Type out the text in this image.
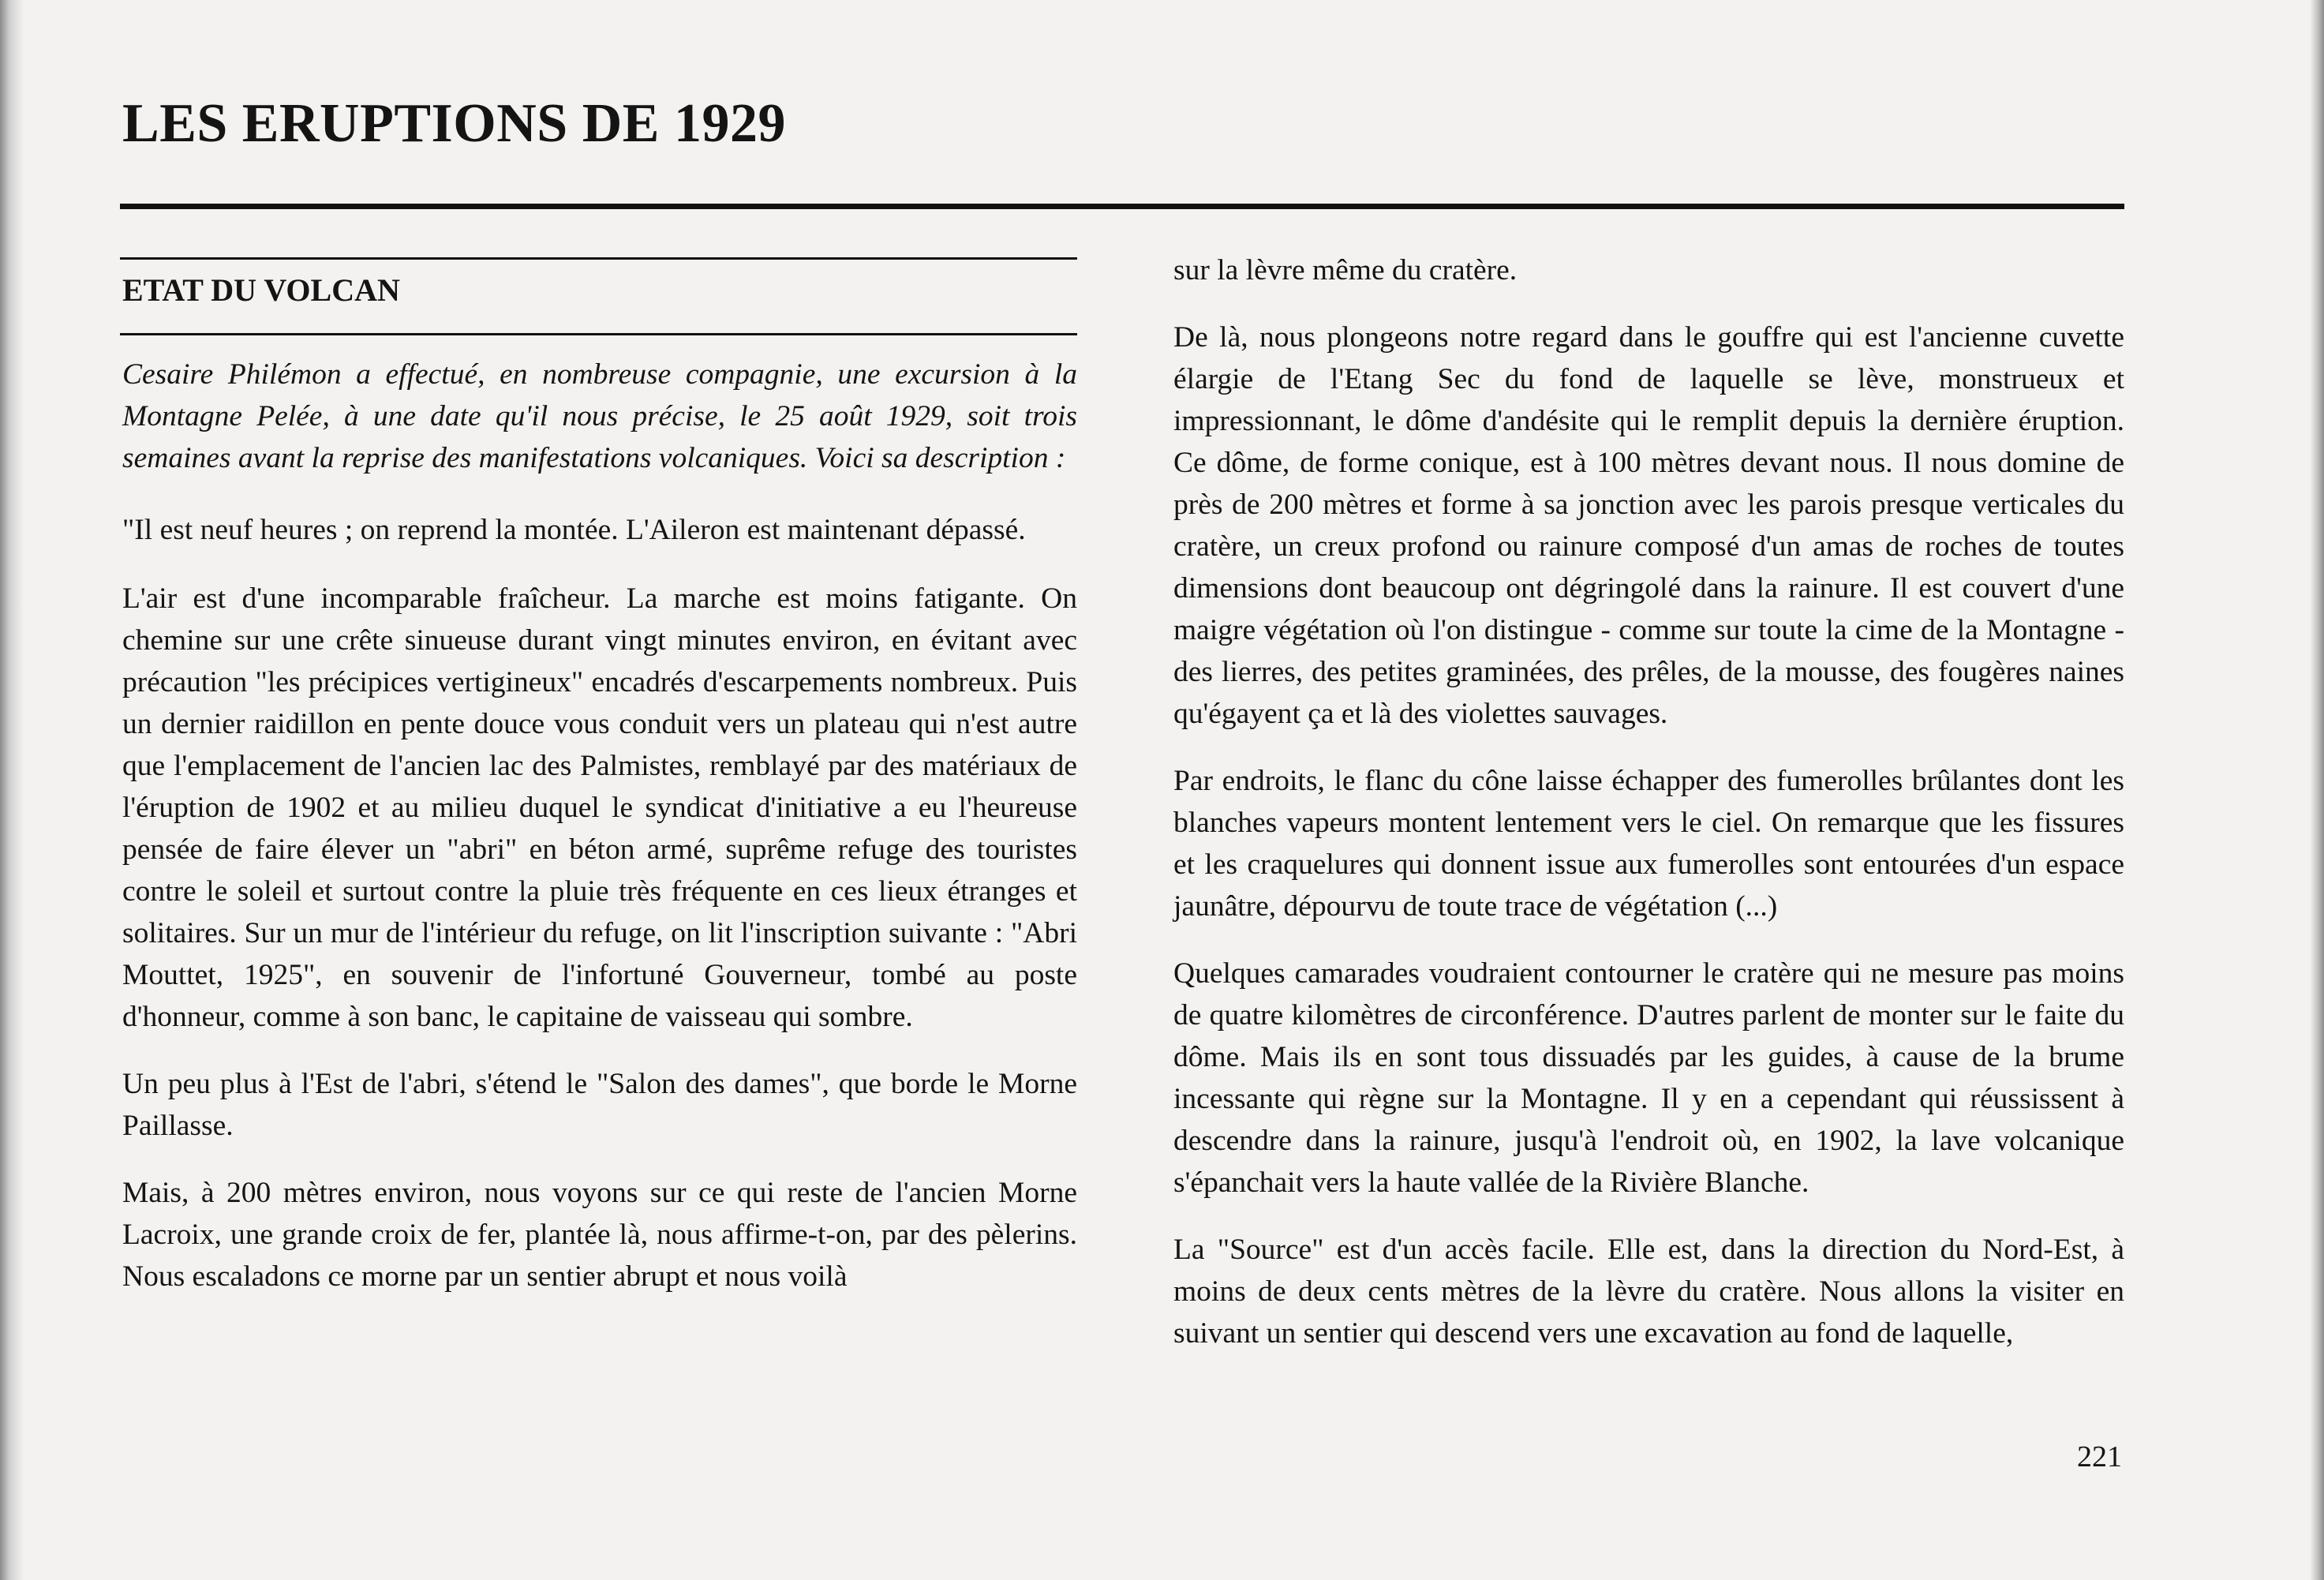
LES ERUPTIONS DE 1929
ETAT DU VOLCAN

Cesaire Philémon a effectué, en nombreuse compagnie, une excursion à la Montagne Pelée, à une date qu'il nous précise, le 25 août 1929, soit trois semaines avant la reprise des manifestations volcaniques. Voici sa description :

"Il est neuf heures ; on reprend la montée. L'Aileron est maintenant dépassé.

L'air est d'une incomparable fraîcheur. La marche est moins fatigante. On chemine sur une crête sinueuse durant vingt minutes environ, en évitant avec précaution "les précipices vertigineux" encadrés d'escarpements nombreux. Puis un dernier raidillon en pente douce vous conduit vers un plateau qui n'est autre que l'emplacement de l'ancien lac des Palmistes, remblayé par des matériaux de l'éruption de 1902 et au milieu duquel le syndicat d'initiative a eu l'heureuse pensée de faire élever un "abri" en béton armé, suprême refuge des touristes contre le soleil et surtout contre la pluie très fréquente en ces lieux étranges et solitaires. Sur un mur de l'intérieur du refuge, on lit l'inscription suivante : "Abri Mouttet, 1925", en souvenir de l'infortuné Gouverneur, tombé au poste d'honneur, comme à son banc, le capitaine de vaisseau qui sombre.

Un peu plus à l'Est de l'abri, s'étend le "Salon des dames", que borde le Morne Paillasse.

Mais, à 200 mètres environ, nous voyons sur ce qui reste de l'ancien Morne Lacroix, une grande croix de fer, plantée là, nous affirme-t-on, par des pèlerins. Nous escaladons ce morne par un sentier abrupt et nous voilà

sur la lèvre même du cratère.

De là, nous plongeons notre regard dans le gouffre qui est l'ancienne cuvette élargie de l'Etang Sec du fond de laquelle se lève, monstrueux et impressionnant, le dôme d'andésite qui le remplit depuis la dernière éruption. Ce dôme, de forme conique, est à 100 mètres devant nous. Il nous domine de près de 200 mètres et forme à sa jonction avec les parois presque verticales du cratère, un creux profond ou rainure composé d'un amas de roches de toutes dimensions dont beaucoup ont dégringolé dans la rainure. Il est couvert d'une maigre végétation où l'on distingue - comme sur toute la cime de la Montagne - des lierres, des petites graminées, des prêles, de la mousse, des fougères naines qu'égayent ça et là des violettes sauvages.

Par endroits, le flanc du cône laisse échapper des fumerolles brûlantes dont les blanches vapeurs montent lentement vers le ciel. On remarque que les fissures et les craquelures qui donnent issue aux fumerolles sont entourées d'un espace jaunâtre, dépourvu de toute trace de végétation (...)

Quelques camarades voudraient contourner le cratère qui ne mesure pas moins de quatre kilomètres de circonférence. D'autres parlent de monter sur le faite du dôme. Mais ils en sont tous dissuadés par les guides, à cause de la brume incessante qui règne sur la Montagne. Il y en a cependant qui réussissent à descendre dans la rainure, jusqu'à l'endroit où, en 1902, la lave volcanique s'épanchait vers la haute vallée de la Rivière Blanche.

La "Source" est d'un accès facile. Elle est, dans la direction du Nord-Est, à moins de deux cents mètres de la lèvre du cratère. Nous allons la visiter en suivant un sentier qui descend vers une excavation au fond de laquelle,

221
